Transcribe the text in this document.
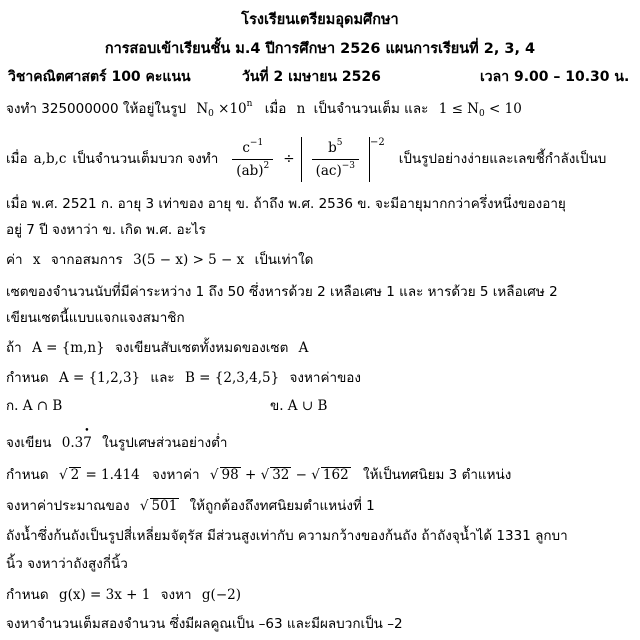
โรงเรียนเตรียมอุดมศึกษา
การสอบเข้าเรียนชั้น ม.4 ปีการศึกษา 2526 แผนการเรียนที่ 2, 3, 4
วิชาคณิตศาสตร์ 100 คะแนน	วันที่ 2 เมษายน 2526	เวลา 9.00 – 10.30 น.
จงทำ 325000000 ให้อยู่ในรูป $N_0 \times 10^n$ เมื่อ n เป็นจำนวนเต็ม และ $1 \le N_0 < 10$
เมื่อ a,b,c เป็นจำนวนเต็มบวก จงทำ $\frac{c^{-1}}{(ab)^2} \div \frac{b^5}{(ac)^{-3}} -2$
เป็นรูปอย่างง่ายและเลขชี้กำลังเป็นบ
เมื่อ พ.ศ. 2521 ก. อายุ 3 เท่าของ อายุ ข. ถ้าถึง พ.ศ. 2536 ข. จะมีอายุมากกว่าครึ่งหนึ่งของอายุ
อยู่ 7 ปี จงหาว่า ข. เกิด พ.ศ. อะไร
ค่า x จากอสมการ 3(5 − x) > 5 − x เป็นเท่าใด
เซตของจำนวนนับที่มีค่าระหว่าง 1 ถึง 50 ซึ่งหารด้วย 2 เหลือเศษ 1 และ หารด้วย 5 เหลือเศษ 2
เขียนเซตนี้แบบแจกแจงสมาชิก
ถ้า A = {m,n} จงเขียนสับเซตทั้งหมดของเซต A
กำหนด A = {1,2,3} และ B = {2,3,4,5} จงหาค่าของ
ก. A ∩ B	ข. A ∪ B
จงเขียน 0.3• 7 ในรูปเศษส่วนอย่างต่ำ
กำหนด √ 2 = 1.414 จงหาค่า √ 98 + √ 32 − √ 162 ให้เป็นทศนิยม 3 ตำแหน่ง
จงหาค่าประมาณของ √ 501 ให้ถูกต้องถึงทศนิยมตำแหน่งที่ 1
ถังน้ำซึ่งก้นถังเป็นรูปสี่เหลี่ยมจัตุรัส มีส่วนสูงเท่ากับ ความกว้างของก้นถัง ถ้าถังจุน้ำได้ 1331 ลูกบา
นิ้ว จงหาว่าถังสูงกี่นิ้ว
กำหนด g(x) = 3x + 1 จงหา g(−2)
จงหาจำนวนเต็มสองจำนวน ซึ่งมีผลคูณเป็น –63 และมีผลบวกเป็น –2
